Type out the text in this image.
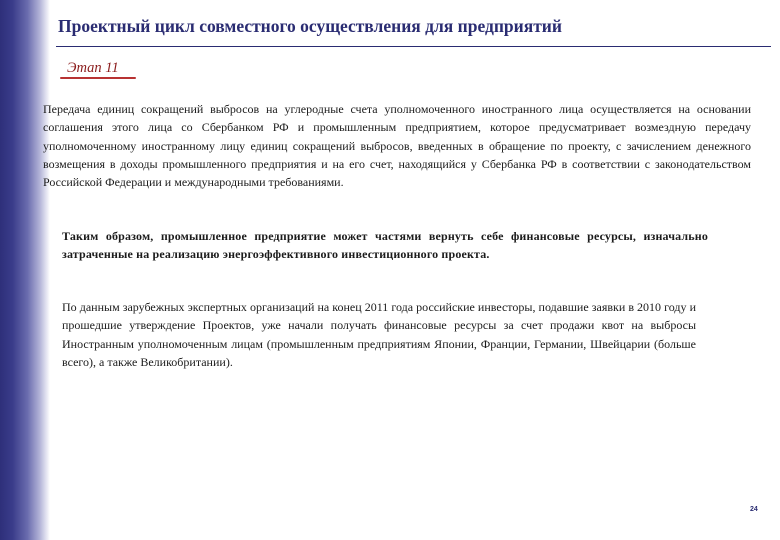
Проектный цикл совместного осуществления для предприятий
Этап 11

Передача единиц сокращений выбросов на углеродные счета уполномоченного иностранного лица осуществляется на основании соглашения этого лица со Сбербанком РФ и промышленным предприятием, которое предусматривает возмездную передачу уполномоченному иностранному лицу единиц сокращений выбросов, введенных в обращение по проекту, с зачислением денежного возмещения в доходы промышленного предприятия и на его счет, находящийся у Сбербанка РФ в соответствии с законодательством Российской Федерации и международными требованиями.

Таким образом, промышленное предприятие может частями вернуть себе финансовые ресурсы, изначально затраченные на реализацию энергоэффективного инвестиционного проекта.

По данным зарубежных экспертных организаций на конец 2011 года российские инвесторы, подавшие заявки в 2010 году и прошедшие утверждение Проектов, уже начали получать финансовые ресурсы за счет продажи квот на выбросы Иностранным уполномоченным лицам (промышленным предприятиям Японии, Франции, Германии, Швейцарии (больше всего), а также Великобритании).

24
